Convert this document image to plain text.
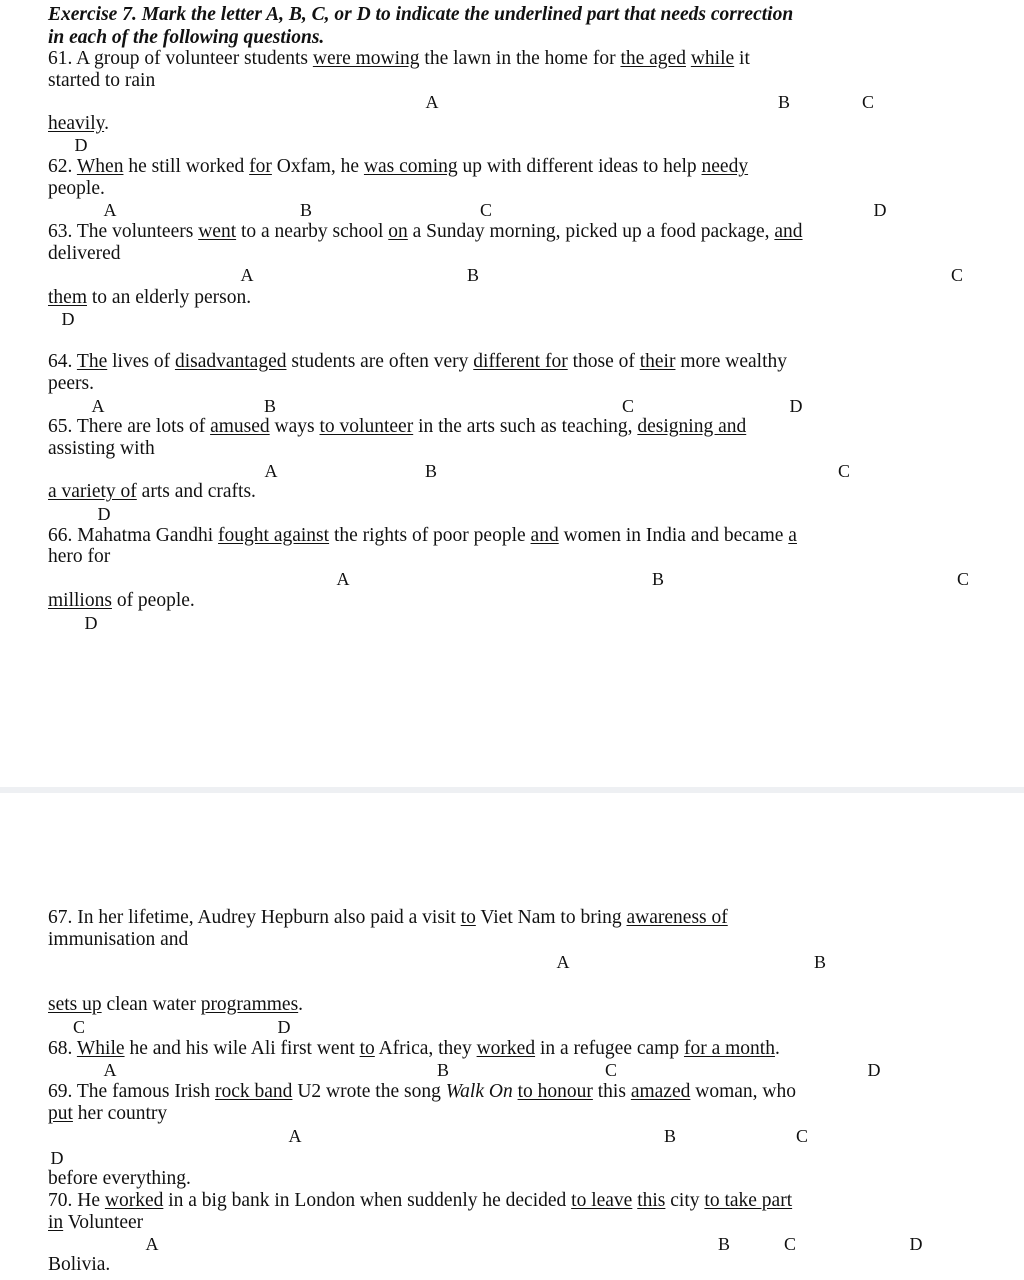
Exercise 7. Mark the letter A, B, C, or D to indicate the underlined part that needs correction
in each of the following questions.
61. A group of volunteer students were mowing the lawn in the home for the aged while it
started to rain
A	B	C
heavily.
D
62. When he still worked for Oxfam, he was coming up with different ideas to help needy
people.
A	B	C	D
63. The volunteers went to a nearby school on a Sunday morning, picked up a food package, and
delivered
A	B	C
them to an elderly person.
D
64. The lives of disadvantaged students are often very different for those of their more wealthy
peers.
A	B	C	D
65. There are lots of amused ways to volunteer in the arts such as teaching, designing and
assisting with
A	B	C
a variety of arts and crafts.
D
66. Mahatma Gandhi fought against the rights of poor people and women in India and became a
hero for
A	B	C
millions of people.
D
67. In her lifetime, Audrey Hepburn also paid a visit to Viet Nam to bring awareness of
immunisation and
A	B
sets up clean water programmes.
C	D
68. While he and his wile Ali first went to Africa, they worked in a refugee camp for a month.
A	B	C	D
69. The famous Irish rock band U2 wrote the song Walk On to honour this amazed woman, who
put her country
A	B	C
D
before everything.
70. He worked in a big bank in London when suddenly he decided to leave this city to take part
in Volunteer
A	B	C	D
Bolivia.
